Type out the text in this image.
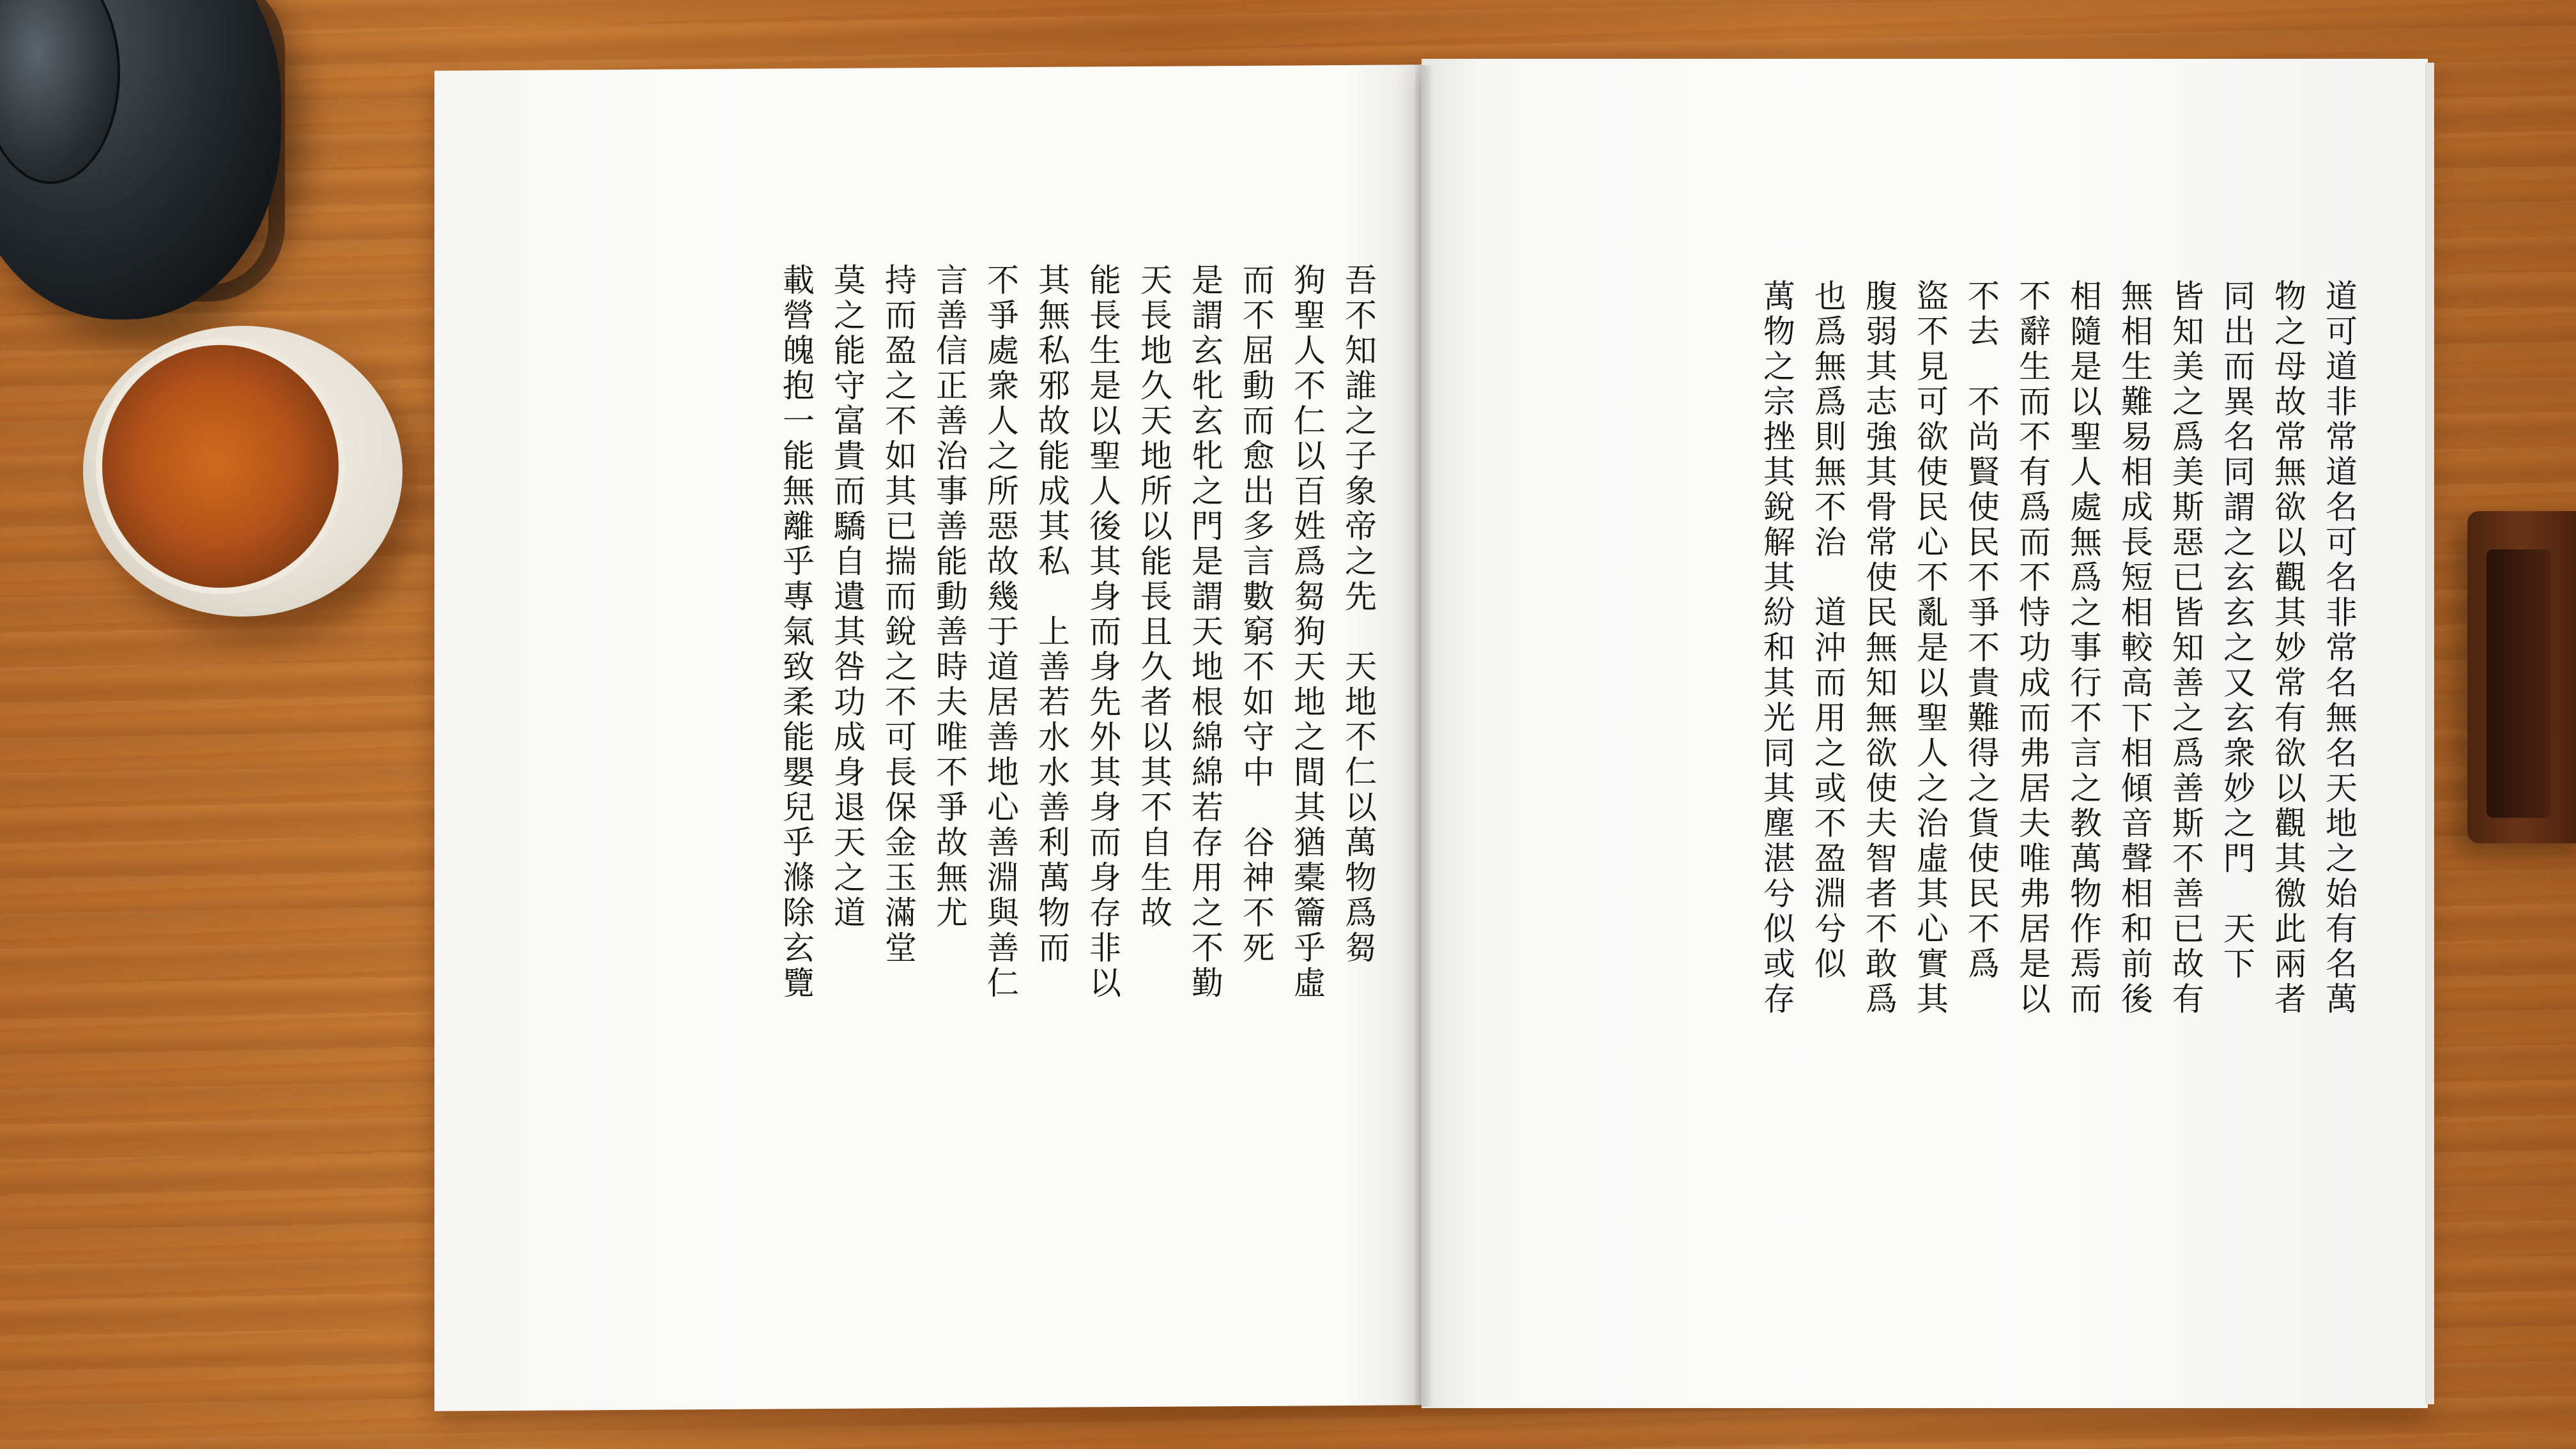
道可道非常道名可名非常名無名天地之始有名萬
物之母故常無欲以觀其妙常有欲以觀其徼此兩者
同出而異名同謂之玄玄之又玄衆妙之門　天下
皆知美之爲美斯惡已皆知善之爲善斯不善已故有
無相生難易相成長短相較高下相傾音聲相和前後
相隨是以聖人處無爲之事行不言之教萬物作焉而
不辭生而不有爲而不恃功成而弗居夫唯弗居是以
不去　不尚賢使民不爭不貴難得之貨使民不爲
盜不見可欲使民心不亂是以聖人之治虛其心實其
腹弱其志強其骨常使民無知無欲使夫智者不敢爲
也爲無爲則無不治　道沖而用之或不盈淵兮似
萬物之宗挫其銳解其紛和其光同其塵湛兮似或存
吾不知誰之子象帝之先　天地不仁以萬物爲芻
狗聖人不仁以百姓爲芻狗天地之間其猶橐籥乎虛
而不屈動而愈出多言數窮不如守中　谷神不死
是謂玄牝玄牝之門是謂天地根綿綿若存用之不勤
天長地久天地所以能長且久者以其不自生故
能長生是以聖人後其身而身先外其身而身存非以
其無私邪故能成其私　上善若水水善利萬物而
不爭處衆人之所惡故幾于道居善地心善淵與善仁
言善信正善治事善能動善時夫唯不爭故無尤
持而盈之不如其已揣而銳之不可長保金玉滿堂
莫之能守富貴而驕自遺其咎功成身退天之道
載營魄抱一能無離乎專氣致柔能嬰兒乎滌除玄覽
